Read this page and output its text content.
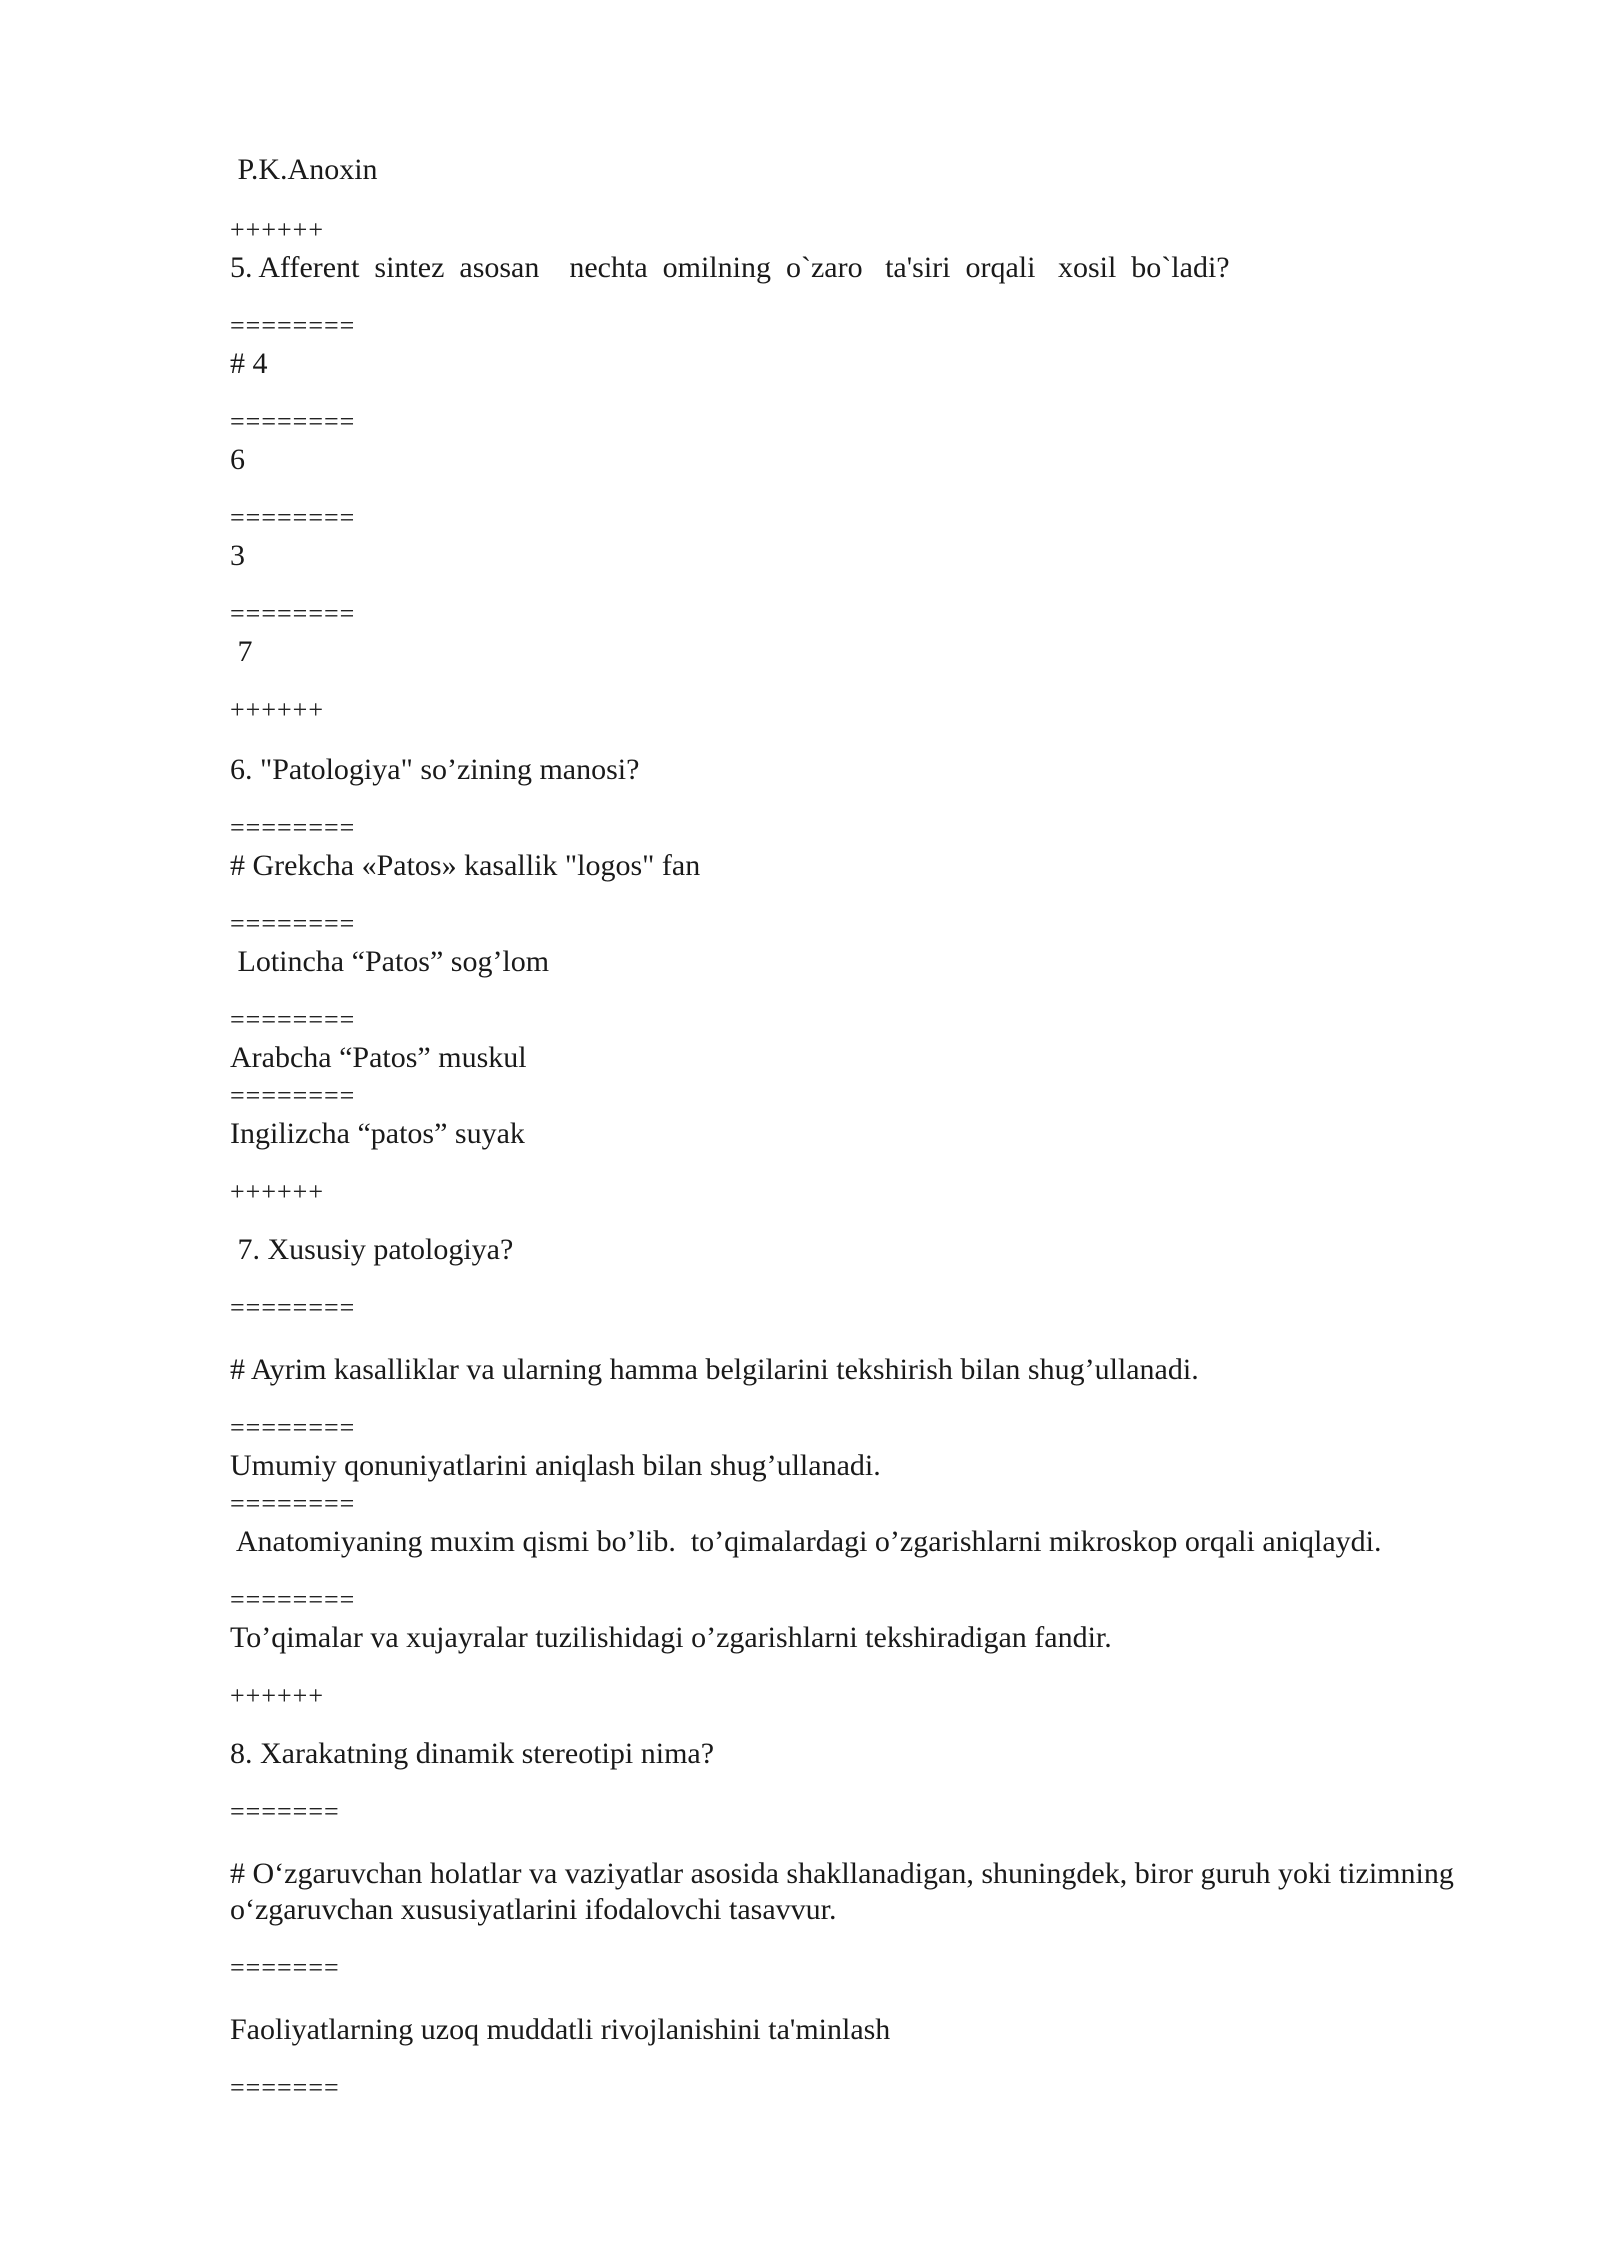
P.K.Anoxin
++++++
5. Afferent  sintez  asosan    nechta  omilning  o`zaro   ta'siri  orqali   xosil  bo`ladi?
========
# 4
========
6
========
3
========
7
++++++
6. "Patologiya" so’zining manosi?
========
# Grekcha «Patos» kasallik "logos" fan
========
Lotincha “Patos” sog’lom
========
Arabcha “Patos” muskul
========
Ingilizcha “patos” suyak
++++++
7. Xususiy patologiya?
========
# Ayrim kasalliklar va ularning hamma belgilarini tekshirish bilan shug’ullanadi.
========
Umumiy qonuniyatlarini aniqlash bilan shug’ullanadi.
========
Anatomiyaning muxim qismi bo’lib.  to’qimalardagi o’zgarishlarni mikroskop orqali aniqlaydi.
========
To’qimalar va xujayralar tuzilishidagi o’zgarishlarni tekshiradigan fandir.
++++++
8. Xarakatning dinamik stereotipi nima?
=======
# O‘zgaruvchan holatlar va vaziyatlar asosida shakllanadigan, shuningdek, biror guruh yoki tizimning o‘zgaruvchan xususiyatlarini ifodalovchi tasavvur.
=======
Faoliyatlarning uzoq muddatli rivojlanishini ta'minlash
=======
